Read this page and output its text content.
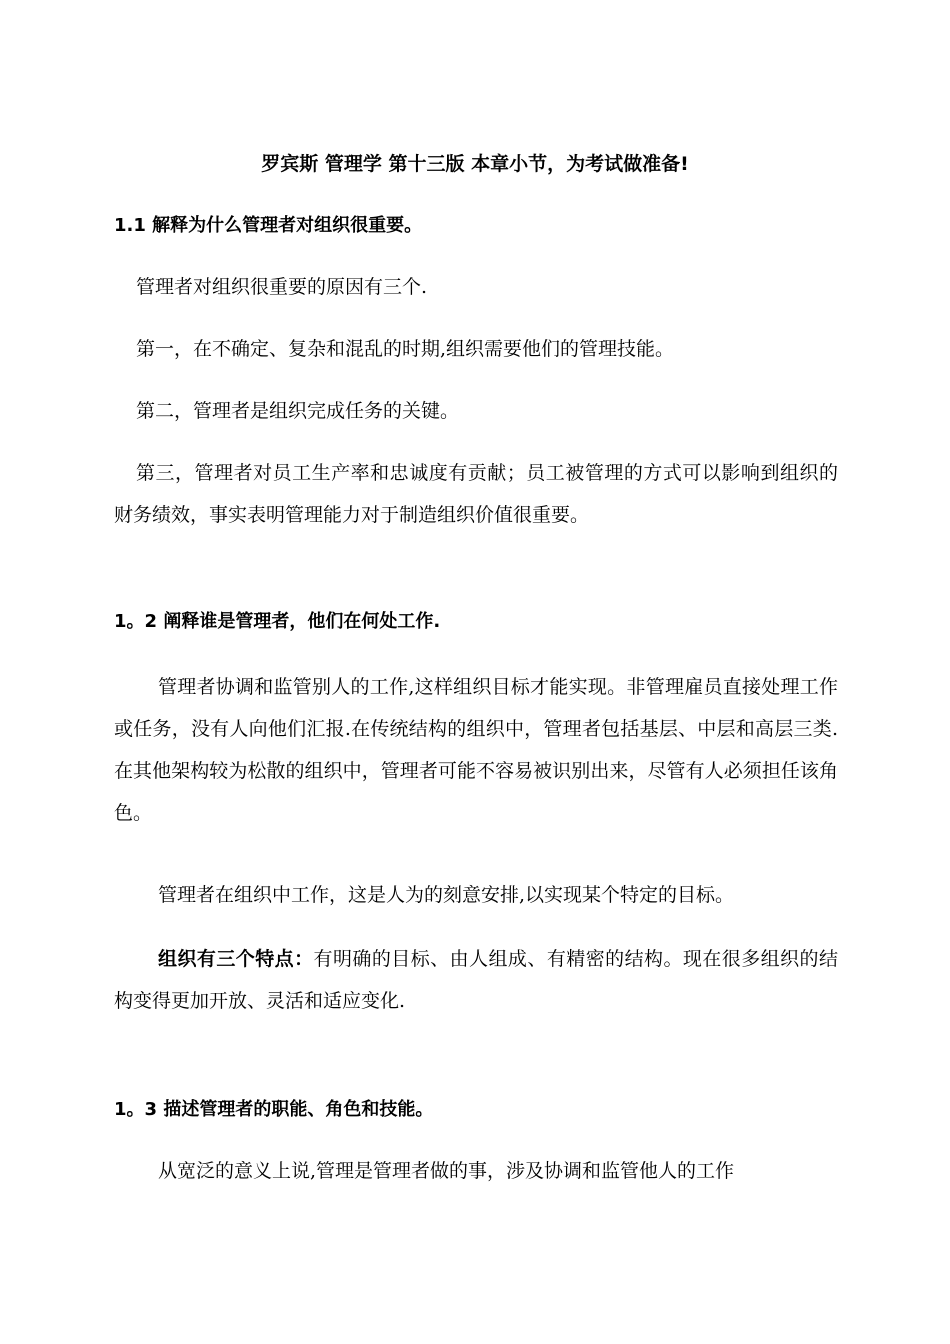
罗宾斯 管理学 第十三版 本章小节，为考试做准备!
1.1 解释为什么管理者对组织很重要。
管理者对组织很重要的原因有三个.
第一，在不确定、复杂和混乱的时期,组织需要他们的管理技能。
第二，管理者是组织完成任务的关键。
第三，管理者对员工生产率和忠诚度有贡献；员工被管理的方式可以影响到组织的财务绩效，事实表明管理能力对于制造组织价值很重要。
1。2 阐释谁是管理者，他们在何处工作.
管理者协调和监管别人的工作,这样组织目标才能实现。非管理雇员直接处理工作或任务，没有人向他们汇报.在传统结构的组织中，管理者包括基层、中层和高层三类.在其他架构较为松散的组织中，管理者可能不容易被识别出来，尽管有人必须担任该角色。
管理者在组织中工作，这是人为的刻意安排,以实现某个特定的目标。
组织有三个特点：有明确的目标、由人组成、有精密的结构。现在很多组织的结构变得更加开放、灵活和适应变化.
1。3 描述管理者的职能、角色和技能。
从宽泛的意义上说,管理是管理者做的事，涉及协调和监管他人的工作
